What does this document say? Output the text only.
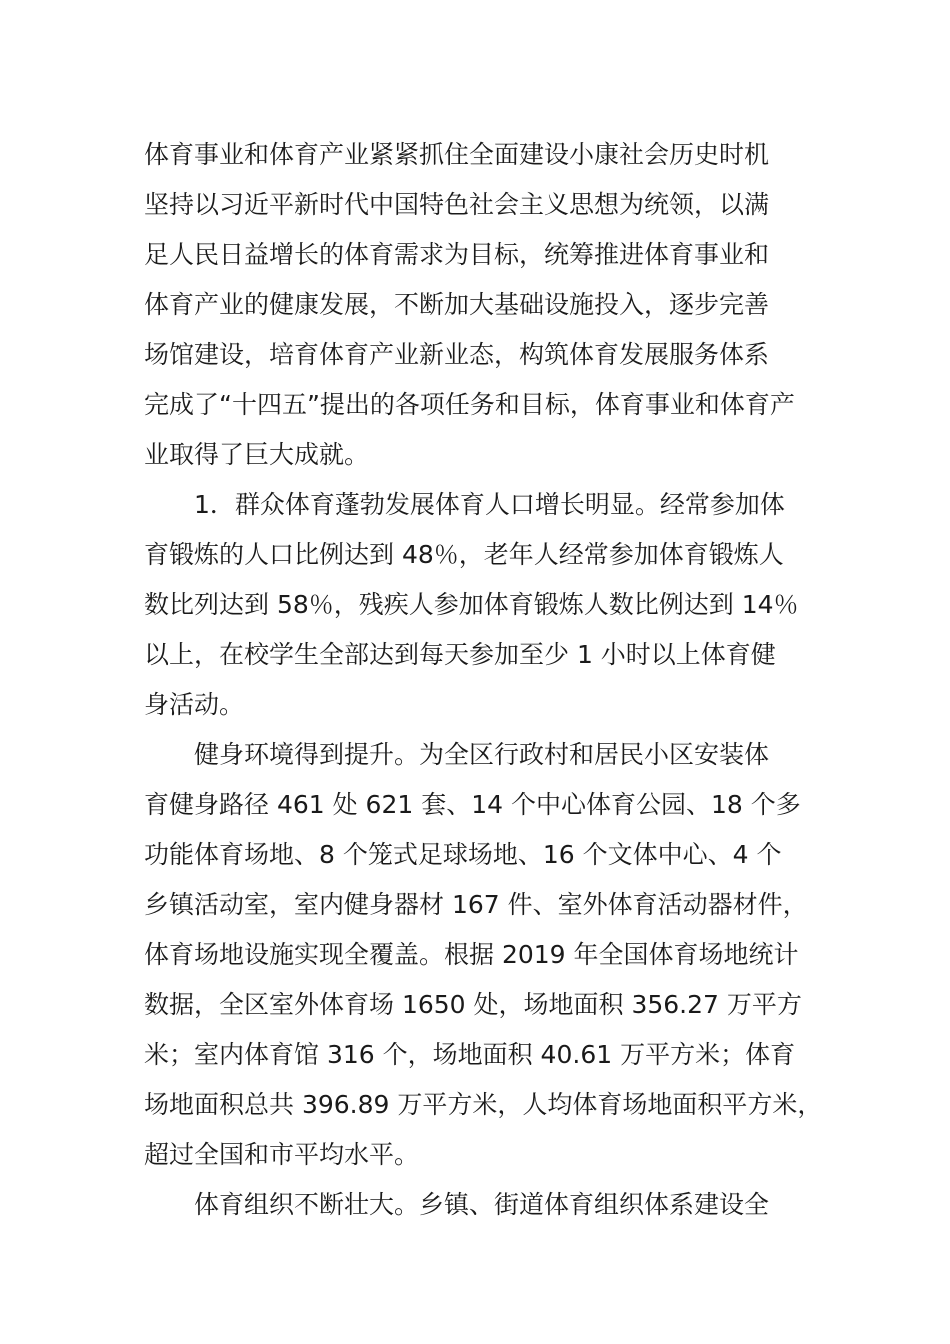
体育事业和体育产业紧紧抓住全面建设小康社会历史时机
坚持以习近平新时代中国特色社会主义思想为统领，以满
足人民日益增长的体育需求为目标，统筹推进体育事业和
体育产业的健康发展，不断加大基础设施投入，逐步完善
场馆建设，培育体育产业新业态，构筑体育发展服务体系
完成了“十四五”提出的各项任务和目标，体育事业和体育产
业取得了巨大成就。
1．群众体育蓬勃发展体育人口增长明显。经常参加体
育锻炼的人口比例达到 48％，老年人经常参加体育锻炼人
数比列达到 58％，残疾人参加体育锻炼人数比例达到 14％
以上，在校学生全部达到每天参加至少 1 小时以上体育健
身活动。
健身环境得到提升。为全区行政村和居民小区安装体
育健身路径 461 处 621 套、14 个中心体育公园、18 个多
功能体育场地、8 个笼式足球场地、16 个文体中心、4 个
乡镇活动室，室内健身器材 167 件、室外体育活动器材件，
体育场地设施实现全覆盖。根据 2019 年全国体育场地统计
数据，全区室外体育场 1650 处，场地面积 356.27 万平方
米；室内体育馆 316 个，场地面积 40.61 万平方米；体育
场地面积总共 396.89 万平方米，人均体育场地面积平方米，
超过全国和市平均水平。
体育组织不断壮大。乡镇、街道体育组织体系建设全
